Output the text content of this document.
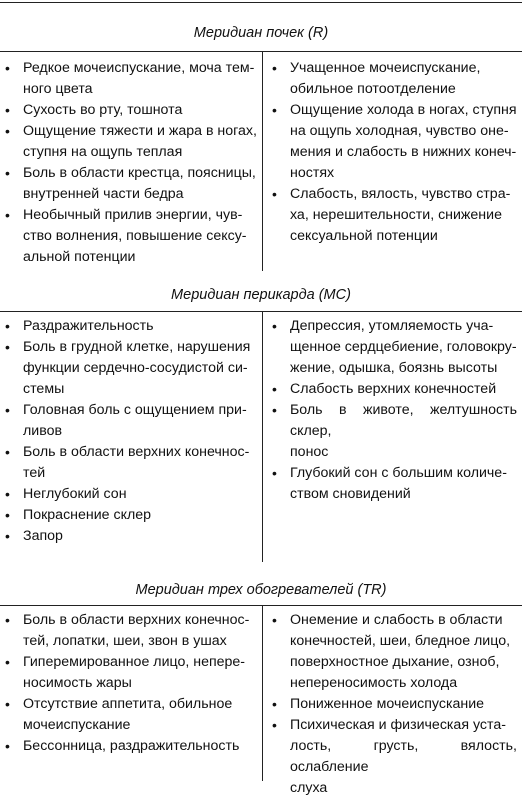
Меридиан почек (R)
• Редкое мочеиспускание, моча тем-
ного цвета
• Сухость во рту, тошнота
• Ощущение тяжести и жара в ногах,
ступня на ощупь теплая
• Боль в области крестца, поясницы,
внутренней части бедра
• Необычный прилив энергии, чув-
ство волнения, повышение сексу-
альной потенции
• Учащенное мочеиспускание,
обильное потоотделение
• Ощущение холода в ногах, ступня
на ощупь холодная, чувство оне-
мения и слабость в нижних конеч-
ностях
• Слабость, вялость, чувство стра-
ха, нерешительности, снижение
сексуальной потенции
Меридиан перикарда (MC)
• Раздражительность
• Боль в грудной клетке, нарушения
функции сердечно-сосудистой си-
стемы
• Головная боль с ощущением при-
ливов
• Боль в области верхних конечнос-
тей
• Неглубокий сон
• Покраснение склер
• Запор
• Депрессия, утомляемость уча-
щенное сердцебиение, головокру-
жение, одышка, боязнь высоты
• Слабость верхних конечностей
• Боль в животе, желтушность склер,
понос
• Глубокий сон с большим количе-
ством сновидений
Меридиан трех обогревателей (TR)
• Боль в области верхних конечнос-
тей, лопатки, шеи, звон в ушах
• Гиперемированное лицо, непере-
носимость жары
• Отсутствие аппетита, обильное
мочеиспускание
• Бессонница, раздражительность
• Онемение и слабость в области
конечностей, шеи, бледное лицо,
поверхностное дыхание, озноб,
непереносимость холода
• Пониженное мочеиспускание
• Психическая и физическая уста-
лость, грусть, вялость, ослабление
слуха
